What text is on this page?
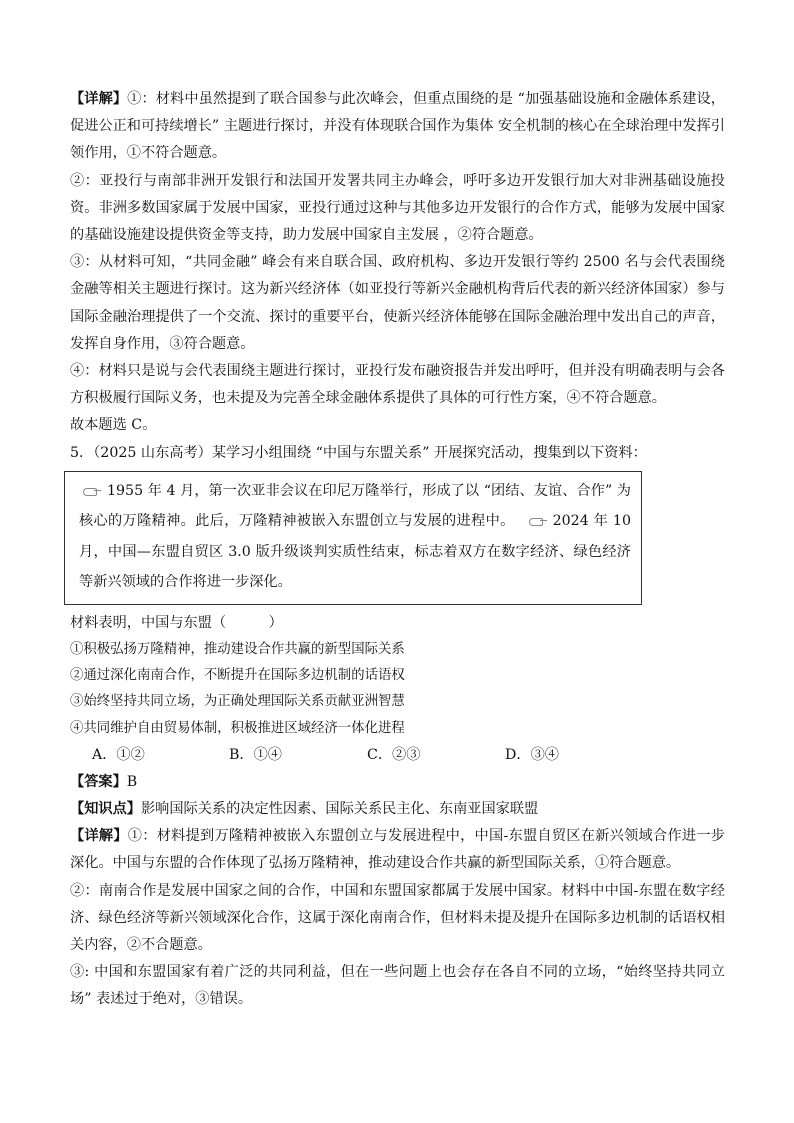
【详解】①：材料中虽然提到了联合国参与此次峰会，但重点围绕的是 “加强基础设施和金融体系建设，促进公正和可持续增长” 主题进行探讨，并没有体现联合国作为集体 安全机制的核心在全球治理中发挥引领作用，①不符合题意。

②：亚投行与南部非洲开发银行和法国开发署共同主办峰会，呼吁多边开发银行加大对非洲基础设施投资。非洲多数国家属于发展中国家，亚投行通过这种与其他多边开发银行的合作方式，能够为发展中国家的基础设施建设提供资金等支持，助力发展中国家自主发展 ，②符合题意。

③：从材料可知，“共同金融” 峰会有来自联合国、政府机构、多边开发银行等约 2500 名与会代表围绕金融等相关主题进行探讨。这为新兴经济体（如亚投行等新兴金融机构背后代表的新兴经济体国家）参与国际金融治理提供了一个交流、探讨的重要平台，使新兴经济体能够在国际金融治理中发出自己的声音，发挥自身作用，③符合题意。

④：材料只是说与会代表围绕主题进行探讨，亚投行发布融资报告并发出呼吁，但并没有明确表明与会各方积极履行国际义务，也未提及为完善全球金融体系提供了具体的可行性方案，④不符合题意。

故本题选 C。

5．（2025 山东高考）某学习小组围绕 “中国与东盟关系” 开展探究活动，搜集到以下资料：

1955 年 4 月，第一次亚非会议在印尼万隆举行，形成了以 “团结、友谊、合作” 为核心的万隆精神。此后，万隆精神被嵌入东盟创立与发展的进程中。	2024 年 10 月，中国—东盟自贸区 3.0 版升级谈判实质性结束，标志着双方在数字经济、绿色经济等新兴领域的合作将进一步深化。

材料表明，中国与东盟（　　　）

①积极弘扬万隆精神，推动建设合作共赢的新型国际关系

②通过深化南南合作，不断提升在国际多边机制的话语权

③始终坚持共同立场，为正确处理国际关系贡献亚洲智慧

④共同维护自由贸易体制，积极推进区域经济一体化进程

A．①②	B．①④	C．②③	D．③④

【答案】B

【知识点】影响国际关系的决定性因素、国际关系民主化、东南亚国家联盟

【详解】①：材料提到万隆精神被嵌入东盟创立与发展进程中，中国-东盟自贸区在新兴领域合作进一步深化。中国与东盟的合作体现了弘扬万隆精神，推动建设合作共赢的新型国际关系，①符合题意。

②：南南合作是发展中国家之间的合作，中国和东盟国家都属于发展中国家。材料中中国-东盟在数字经济、绿色经济等新兴领域深化合作，这属于深化南南合作，但材料未提及提升在国际多边机制的话语权相关内容，②不合题意。

③: 中国和东盟国家有着广泛的共同利益，但在一些问题上也会存在各自不同的立场，“始终坚持共同立场” 表述过于绝对，③错误。
